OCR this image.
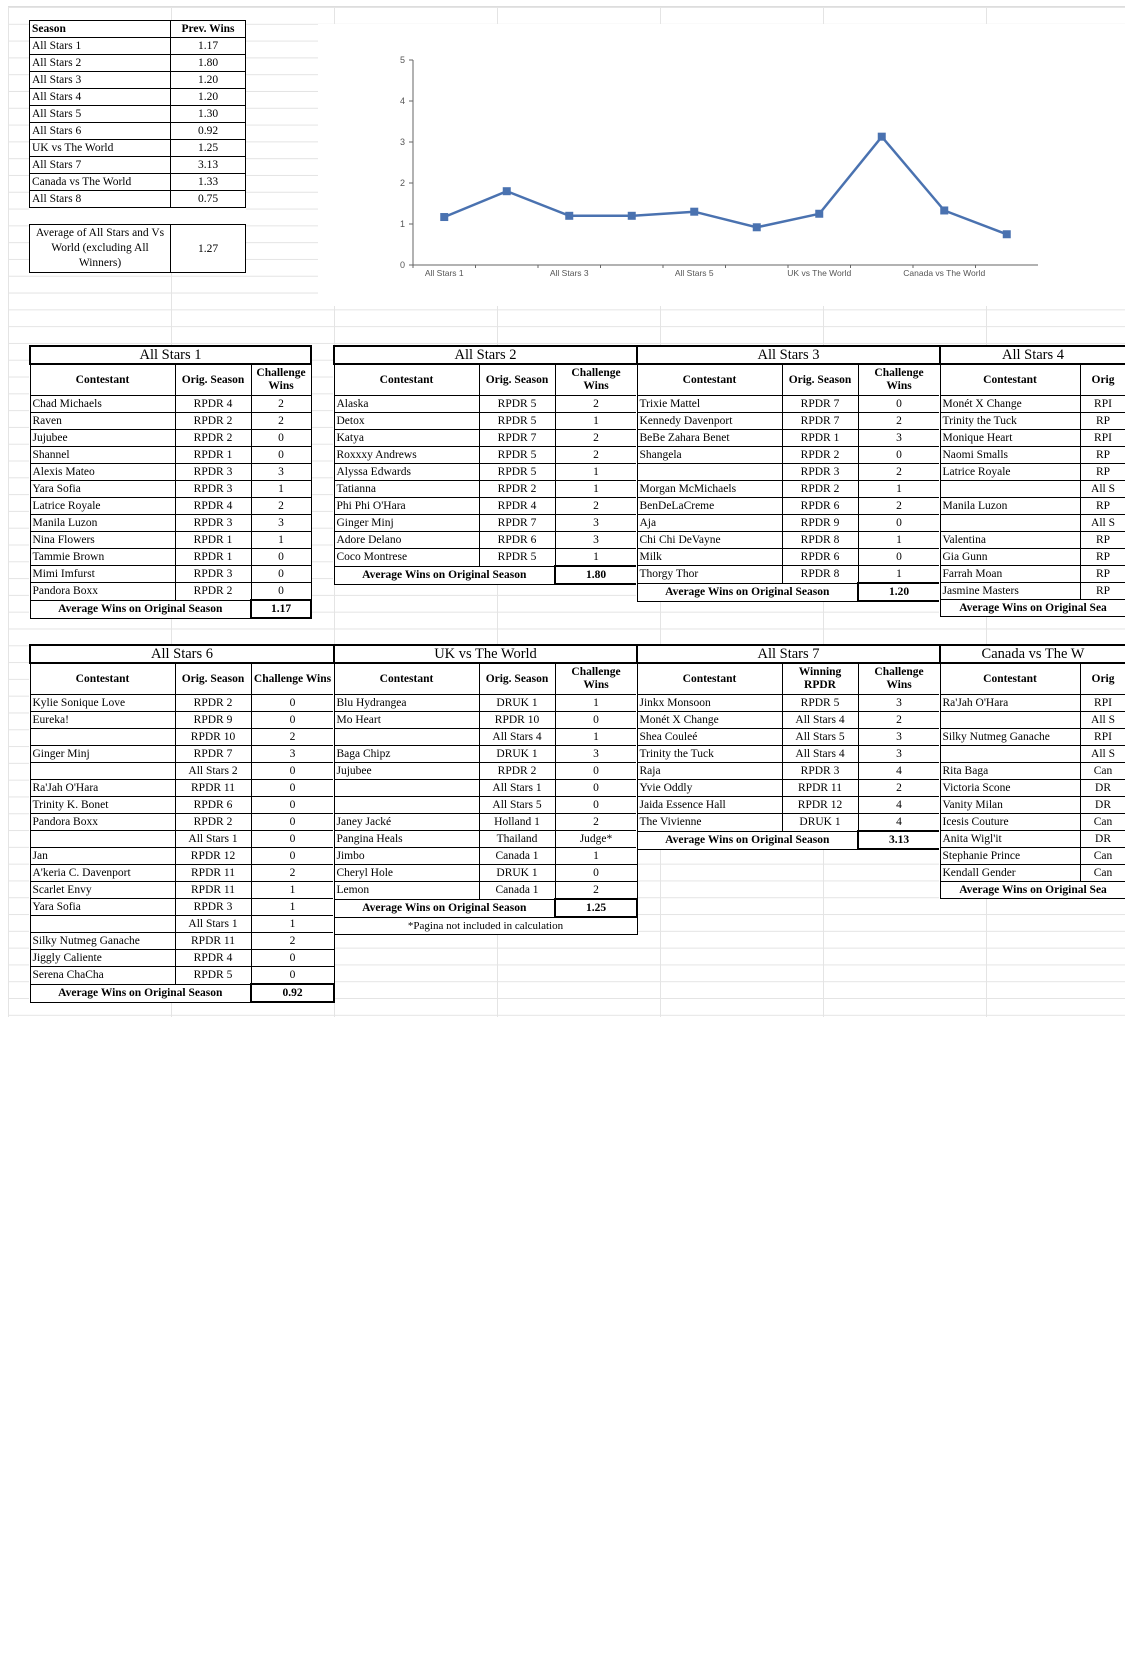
Season	Prev. Wins
All Stars 1	1.17
All Stars 2	1.80
All Stars 3	1.20
All Stars 4	1.20
All Stars 5	1.30
All Stars 6	0.92
UK vs The World	1.25
All Stars 7	3.13
Canada vs The World	1.33
All Stars 8	0.75

Average of All Stars and Vs World (excluding All Winners)	1.27
0
1
2
3
4
5
All Stars 1	All Stars 3	All Stars 5	UK vs The World	Canada vs The World
All Stars 1		
Contestant	Orig. Season	Challenge Wins
Chad Michaels	RPDR 4	2
Raven	RPDR 2	2
Jujubee	RPDR 2	0
Shannel	RPDR 1	0
Alexis Mateo	RPDR 3	3
Yara Sofia	RPDR 3	1
Latrice Royale	RPDR 4	2
Manila Luzon	RPDR 3	3
Nina Flowers	RPDR 1	1
Tammie Brown	RPDR 1	0
Mimi Imfurst	RPDR 3	0
Pandora Boxx	RPDR 2	0
Average Wins on Original Season		1.17
All Stars 2		
Contestant	Orig. Season	Challenge Wins
Alaska	RPDR 5	2
Detox	RPDR 5	1
Katya	RPDR 7	2
Roxxxy Andrews	RPDR 5	2
Alyssa Edwards	RPDR 5	1
Tatianna	RPDR 2	1
Phi Phi O'Hara	RPDR 4	2
Ginger Minj	RPDR 7	3
Adore Delano	RPDR 6	3
Coco Montrese	RPDR 5	1
Average Wins on Original Season		1.80
All Stars 3		
Contestant	Orig. Season	Challenge Wins
Trixie Mattel	RPDR 7	0
Kennedy Davenport	RPDR 7	2
BeBe Zahara Benet	RPDR 1	3
Shangela	RPDR 2	0
	RPDR 3	2
Morgan McMichaels	RPDR 2	1
BenDeLaCreme	RPDR 6	2
Aja	RPDR 9	0
Chi Chi DeVayne	RPDR 8	1
Milk	RPDR 6	0
Thorgy Thor	RPDR 8	1
Average Wins on Original Season		1.20
All Stars 4	
Contestant	Orig
Monét X Change	RPI
Trinity the Tuck	RP
Monique Heart	RPI
Naomi Smalls	RP
Latrice Royale	RP
	All S
Manila Luzon	RP
	All S
Valentina	RP
Gia Gunn	RP
Farrah Moan	RP
Jasmine Masters	RP
Average Wins on Original Sea	
All Stars 6		
Contestant	Orig. Season	Challenge Wins
Kylie Sonique Love	RPDR 2	0
Eureka!	RPDR 9	0
	RPDR 10	2
Ginger Minj	RPDR 7	3
	All Stars 2	0
Ra'Jah O'Hara	RPDR 11	0
Trinity K. Bonet	RPDR 6	0
Pandora Boxx	RPDR 2	0
	All Stars 1	0
Jan	RPDR 12	0
A'keria C. Davenport	RPDR 11	2
Scarlet Envy	RPDR 11	1
Yara Sofia	RPDR 3	1
	All Stars 1	1
Silky Nutmeg Ganache	RPDR 11	2
Jiggly Caliente	RPDR 4	0
Serena ChaCha	RPDR 5	0
Average Wins on Original Season		0.92
UK vs The World		
Contestant	Orig. Season	Challenge Wins
Blu Hydrangea	DRUK 1	1
Mo Heart	RPDR 10	0
	All Stars 4	1
Baga Chipz	DRUK 1	3
Jujubee	RPDR 2	0
	All Stars 1	0
	All Stars 5	0
Janey Jacké	Holland 1	2
Pangina Heals	Thailand	Judge*
Jimbo	Canada 1	1
Cheryl Hole	DRUK 1	0
Lemon	Canada 1	2
Average Wins on Original Season		1.25
*Pagina not included in calculation		
All Stars 7		
Contestant	Winning RPDR	Challenge Wins
Jinkx Monsoon	RPDR 5	3
Monét X Change	All Stars 4	2
Shea Couleé	All Stars 5	3
Trinity the Tuck	All Stars 4	3
Raja	RPDR 3	4
Yvie Oddly	RPDR 11	2
Jaida Essence Hall	RPDR 12	4
The Vivienne	DRUK 1	4
Average Wins on Original Season		3.13
Canada vs The W	
Contestant	Orig
Ra'Jah O'Hara	RPI
	All S
Silky Nutmeg Ganache	RPI
	All S
Rita Baga	Can
Victoria Scone	DR
Vanity Milan	DR
Icesis Couture	Can
Anita Wigl'it	DR
Stephanie Prince	Can
Kendall Gender	Can
Average Wins on Original Sea	
